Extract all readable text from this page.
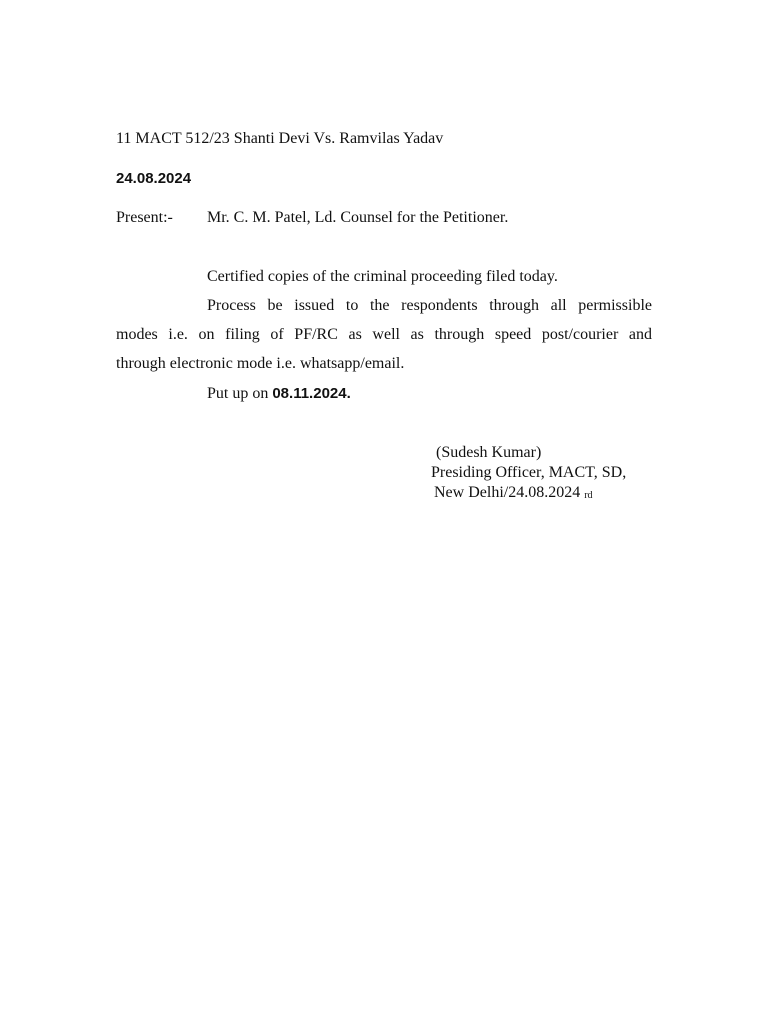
11 MACT 512/23 Shanti Devi Vs. Ramvilas Yadav
24.08.2024
Present:- Mr. C. M. Patel, Ld. Counsel for the Petitioner.
Certified copies of the criminal proceeding filed today.
Process be issued to the respondents through all permissible
modes i.e. on filing of PF/RC as well as through speed post/courier and
through electronic mode i.e. whatsapp/email.
Put up on 08.11.2024.
(Sudesh Kumar)
Presiding Officer, MACT, SD,
New Delhi/24.08.2024 rd
